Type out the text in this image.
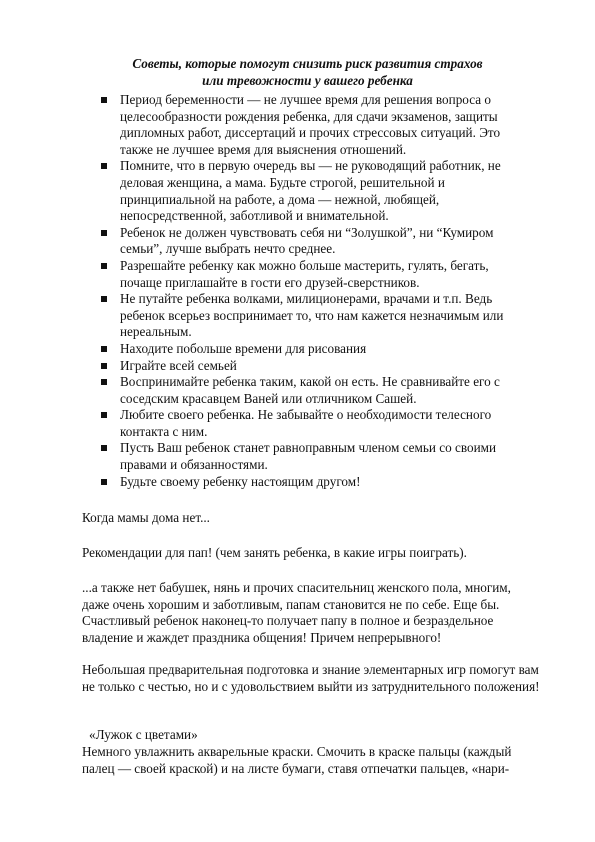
Советы, которые помогут снизить риск развития страхов
или тревожности у вашего ребенка
Период беременности — не лучшее время для решения вопроса о целесообразности рождения ребенка, для сдачи экзаменов, защиты дипломных работ, диссертаций и прочих стрессовых ситуаций. Это также не лучшее время для выяснения отношений.
Помните, что в первую очередь вы — не руководящий работник, не деловая женщина, а мама. Будьте строгой, решительной и принципиальной на работе, а дома — нежной, любящей, непосредственной, заботливой и внимательной.
Ребенок не должен чувствовать себя ни “Золушкой”, ни “Кумиром семьи”, лучше выбрать нечто среднее.
Разрешайте ребенку как можно больше мастерить, гулять, бегать, почаще приглашайте в гости его друзей-сверстников.
Не путайте ребенка волками, милиционерами, врачами и т.п. Ведь ребенок всерьез воспринимает то, что нам кажется незначимым или нереальным.
Находите побольше времени для рисования
Играйте всей семьей
Воспринимайте ребенка таким, какой он есть. Не сравнивайте его с соседским красавцем Ваней или отличником Сашей.
Любите своего ребенка. Не забывайте о необходимости телесного контакта с ним.
Пусть Ваш ребенок станет равноправным членом семьи со своими правами и обязанностями.
Будьте своему ребенку настоящим другом!
Когда мамы дома нет...
Рекомендации для пап! (чем занять ребенка, в какие игры поиграть).
...а также нет бабушек, нянь и прочих спасительниц женского пола, многим, даже очень хорошим и заботливым, папам становится не по себе. Еще бы. Счастливый ребенок наконец-то получает папу в полное и безраздельное владение и жаждет праздника общения! Причем непрерывного!
Небольшая предварительная подготовка и знание элементарных игр помогут вам не только с честью, но и с удовольствием выйти из затруднительного положения!
«Лужок с цветами»
Немного увлажнить акварельные краски. Смочить в краске пальцы (каждый палец — своей краской) и на листе бумаги, ставя отпечатки пальцев, «нари-
